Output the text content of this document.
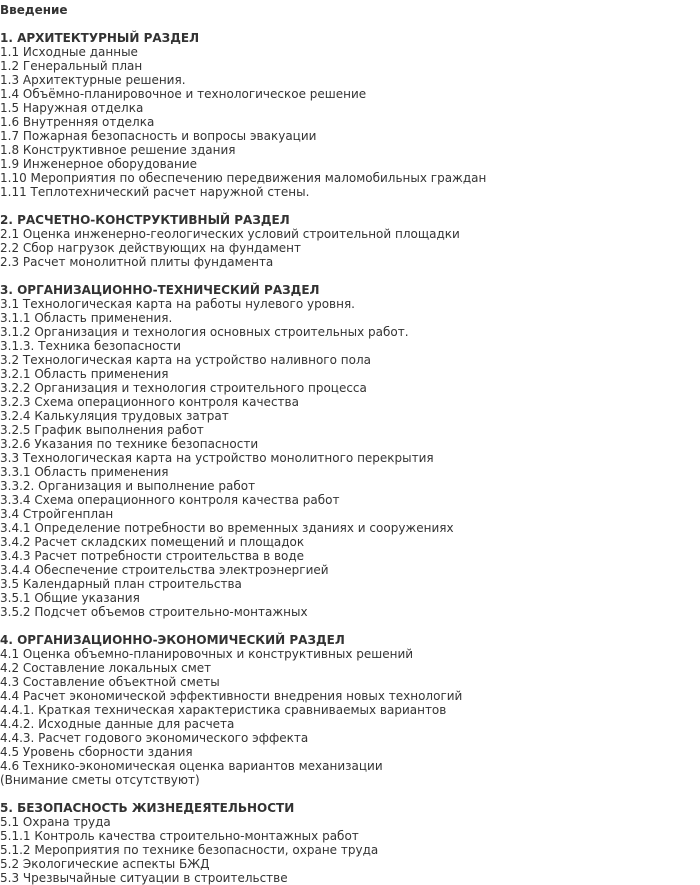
Введение
1. АРХИТЕКТУРНЫЙ РАЗДЕЛ
1.1 Исходные данные
1.2 Генеральный план
1.3 Архитектурные решения.
1.4 Объёмно-планировочное и технологическое решение
1.5 Наружная отделка
1.6 Внутренняя отделка
1.7 Пожарная безопасность и вопросы эвакуации
1.8 Конструктивное решение здания
1.9 Инженерное оборудование
1.10 Мероприятия по обеспечению передвижения маломобильных граждан
1.11 Теплотехнический расчет наружной стены.
2. РАСЧЕТНО-КОНСТРУКТИВНЫЙ РАЗДЕЛ
2.1 Оценка инженерно-геологических условий строительной площадки
2.2 Сбор нагрузок действующих на фундамент
2.3 Расчет монолитной плиты фундамента
3. ОРГАНИЗАЦИОННО-ТЕХНИЧЕСКИЙ РАЗДЕЛ
3.1 Технологическая карта на работы нулевого уровня.
3.1.1 Область применения.
3.1.2 Организация и технология основных строительных работ.
3.1.3. Техника безопасности
3.2 Технологическая карта на устройство наливного пола
3.2.1 Область применения
3.2.2 Организация и технология строительного процесса
3.2.3 Схема операционного контроля качества
3.2.4 Калькуляция трудовых затрат
3.2.5 График выполнения работ
3.2.6 Указания по технике безопасности
3.3 Технологическая карта на устройство монолитного перекрытия
3.3.1 Область применения
3.3.2. Организация и выполнение работ
3.3.4 Схема операционного контроля качества работ
3.4 Стройгенплан
3.4.1 Определение потребности во временных зданиях и сооружениях
3.4.2 Расчет складских помещений и площадок
3.4.3 Расчет потребности строительства в воде
3.4.4 Обеспечение строительства электроэнергией
3.5 Календарный план строительства
3.5.1 Общие указания
3.5.2 Подсчет объемов строительно-монтажных
4. ОРГАНИЗАЦИОННО-ЭКОНОМИЧЕСКИЙ РАЗДЕЛ
4.1 Оценка объемно-планировочных и конструктивных решений
4.2 Составление локальных смет
4.3 Составление объектной сметы
4.4 Расчет экономической эффективности внедрения новых технологий
4.4.1. Краткая техническая характеристика сравниваемых вариантов
4.4.2. Исходные данные для расчета
4.4.3. Расчет годового экономического эффекта
4.5 Уровень сборности здания
4.6 Технико-экономическая оценка вариантов механизации
(Внимание сметы отсутствуют)
5. БЕЗОПАСНОСТЬ ЖИЗНЕДЕЯТЕЛЬНОСТИ
5.1 Охрана труда
5.1.1 Контроль качества строительно-монтажных работ
5.1.2 Мероприятия по технике безопасности, охране труда
5.2 Экологические аспекты БЖД
5.3 Чрезвычайные ситуации в строительстве
